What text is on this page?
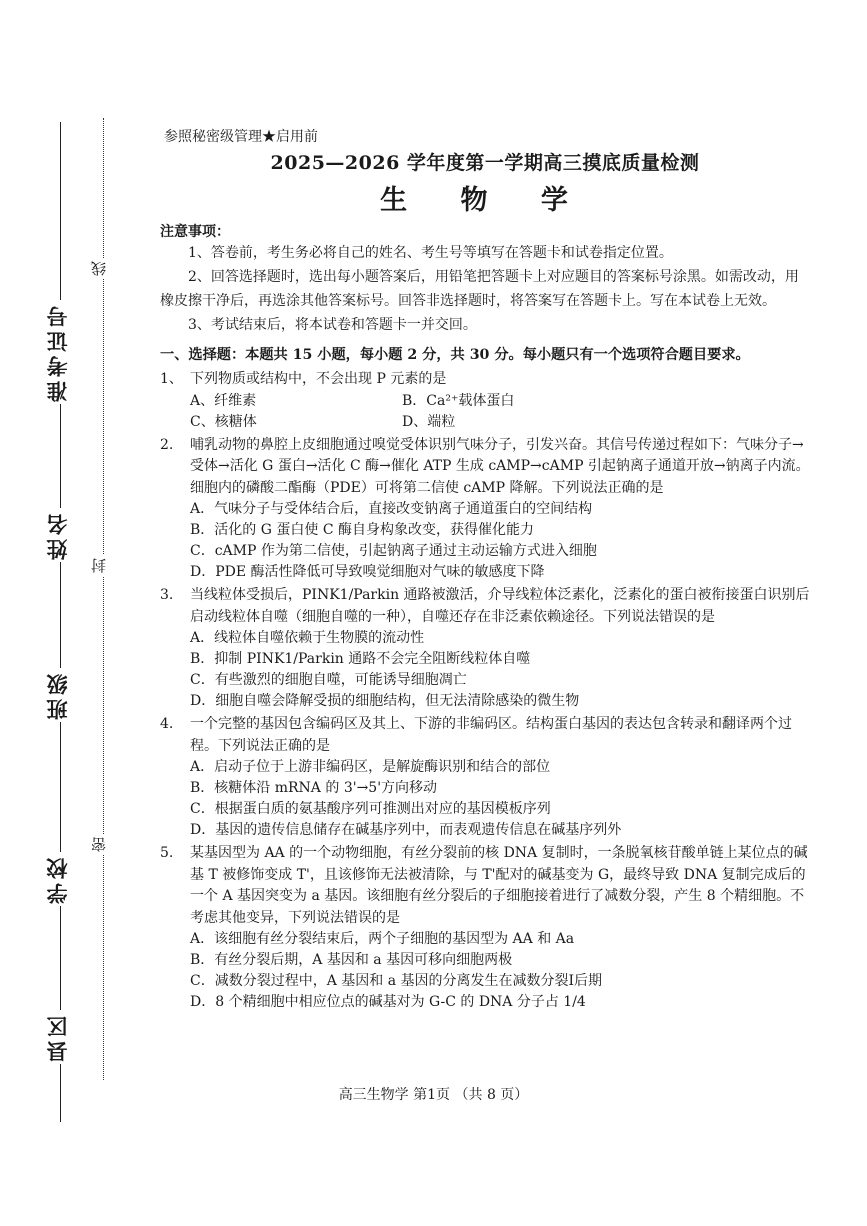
准考证号
姓名
班级
学校
县区
线
封
密
参照秘密级管理★启用前
2025—2026 学年度第一学期高三摸底质量检测
生 物 学
注意事项：
1、答卷前，考生务必将自己的姓名、考生号等填写在答题卡和试卷指定位置。
2、回答选择题时，选出每小题答案后，用铅笔把答题卡上对应题目的答案标号涂黑。如需改动，用橡皮擦干净后，再选涂其他答案标号。回答非选择题时，将答案写在答题卡上。写在本试卷上无效。
3、考试结束后，将本试卷和答题卡一并交回。
一、选择题：本题共 15 小题，每小题 2 分，共 30 分。每小题只有一个选项符合题目要求。
1、 下列物质或结构中，不会出现 P 元素的是
A、纤维素	B．Ca²⁺载体蛋白
C、核糖体	D、端粒
2.	哺乳动物的鼻腔上皮细胞通过嗅觉受体识别气味分子，引发兴奋。其信号传递过程如下：气味分子→受体→活化 G 蛋白→活化 C 酶→催化 ATP 生成 cAMP→cAMP 引起钠离子通道开放→钠离子内流。细胞内的磷酸二酯酶（PDE）可将第二信使 cAMP 降解。下列说法正确的是
A．气味分子与受体结合后，直接改变钠离子通道蛋白的空间结构
B．活化的 G 蛋白使 C 酶自身构象改变，获得催化能力
C．cAMP 作为第二信使，引起钠离子通过主动运输方式进入细胞
D．PDE 酶活性降低可导致嗅觉细胞对气味的敏感度下降
3.	当线粒体受损后，PINK1/Parkin 通路被激活，介导线粒体泛素化，泛素化的蛋白被衔接蛋白识别后启动线粒体自噬（细胞自噬的一种），自噬还存在非泛素依赖途径。下列说法错误的是
A．线粒体自噬依赖于生物膜的流动性
B．抑制 PINK1/Parkin 通路不会完全阻断线粒体自噬
C．有些激烈的细胞自噬，可能诱导细胞凋亡
D．细胞自噬会降解受损的细胞结构，但无法清除感染的微生物
4.	一个完整的基因包含编码区及其上、下游的非编码区。结构蛋白基因的表达包含转录和翻译两个过程。下列说法正确的是
A．启动子位于上游非编码区，是解旋酶识别和结合的部位
B．核糖体沿 mRNA 的 3'→5'方向移动
C．根据蛋白质的氨基酸序列可推测出对应的基因模板序列
D．基因的遗传信息储存在碱基序列中，而表观遗传信息在碱基序列外
5.	某基因型为 AA 的一个动物细胞，有丝分裂前的核 DNA 复制时，一条脱氧核苷酸单链上某位点的碱基 T 被修饰变成 T'，且该修饰无法被清除，与 T'配对的碱基变为 G，最终导致 DNA 复制完成后的一个 A 基因突变为 a 基因。该细胞有丝分裂后的子细胞接着进行了减数分裂，产生 8 个精细胞。不考虑其他变异，下列说法错误的是
A．该细胞有丝分裂结束后，两个子细胞的基因型为 AA 和 Aa
B．有丝分裂后期，A 基因和 a 基因可移向细胞两极
C．减数分裂过程中，A 基因和 a 基因的分离发生在减数分裂Ⅰ后期
D．8 个精细胞中相应位点的碱基对为 G-C 的 DNA 分子占 1/4
高三生物学 第1页 （共 8 页）
